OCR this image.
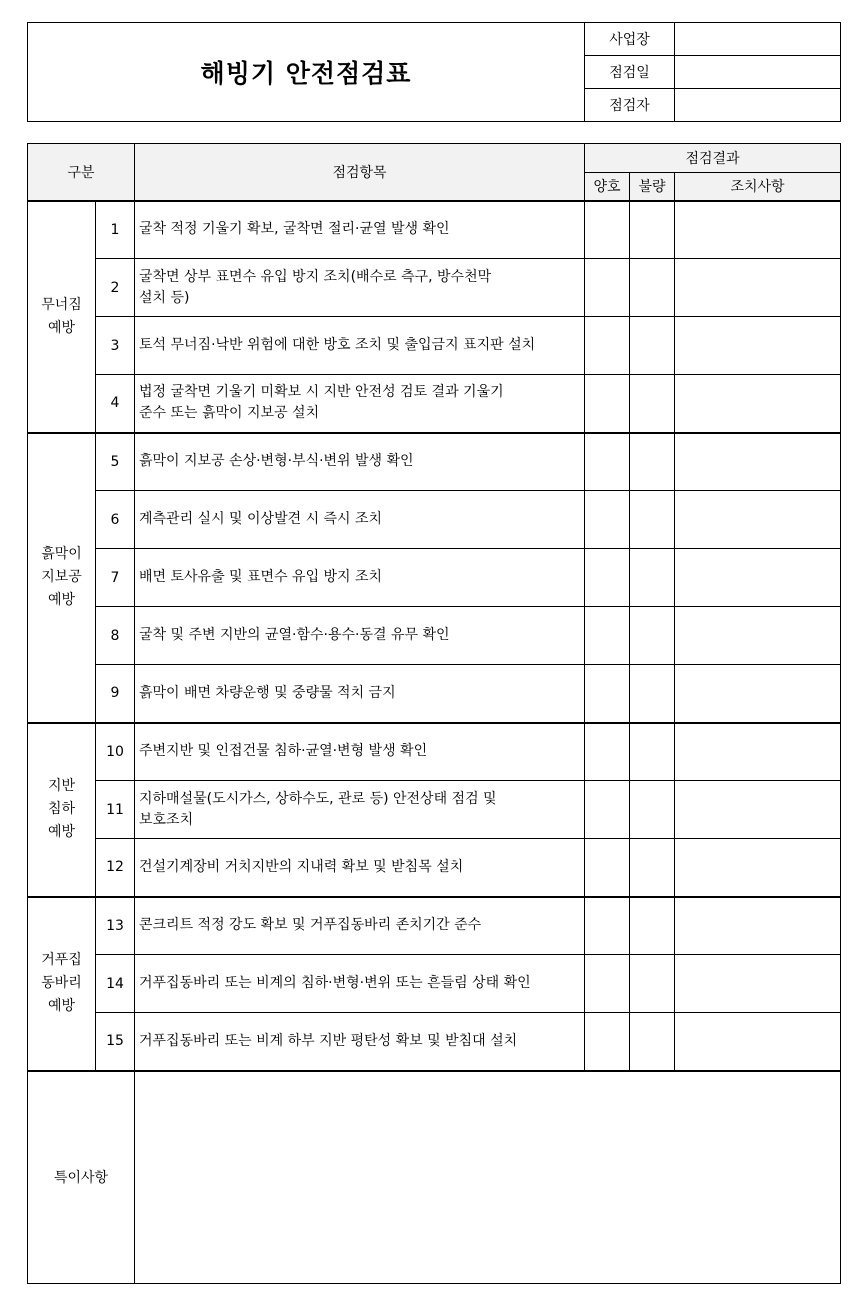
해빙기 안전점검표	사업장	
	점검일	
	점검자	
구분		점검항목	점검결과		
			양호	불량	조치사항

무너짐
예방	1	굴착 적정 기울기 확보, 굴착면 절리·균열 발생 확인			
	2	굴착면 상부 표면수 유입 방지 조치(배수로 측구, 방수천막
설치 등)			
	3	토석 무너짐·낙반 위험에 대한 방호 조치 및 출입금지 표지판 설치			
	4	법정 굴착면 기울기 미확보 시 지반 안전성 검토 결과 기울기
준수 또는 흙막이 지보공 설치			

흙막이
지보공
예방	5	흙막이 지보공 손상·변형·부식·변위 발생 확인			
	6	계측관리 실시 및 이상발견 시 즉시 조치			
	7	배면 토사유출 및 표면수 유입 방지 조치			
	8	굴착 및 주변 지반의 균열·함수·용수·동결 유무 확인			
	9	흙막이 배면 차량운행 및 중량물 적치 금지			

지반
침하
예방	10	주변지반 및 인접건물 침하·균열·변형 발생 확인			
	11	지하매설물(도시가스, 상하수도, 관로 등) 안전상태 점검 및
보호조치			
	12	건설기계장비 거치지반의 지내력 확보 및 받침목 설치			

거푸집
동바리
예방	13	콘크리트 적정 강도 확보 및 거푸집동바리 존치기간 준수			
	14	거푸집동바리 또는 비계의 침하·변형·변위 또는 흔들림 상태 확인			
	15	거푸집동바리 또는 비계 하부 지반 평탄성 확보 및 받침대 설치			
특이사항					
